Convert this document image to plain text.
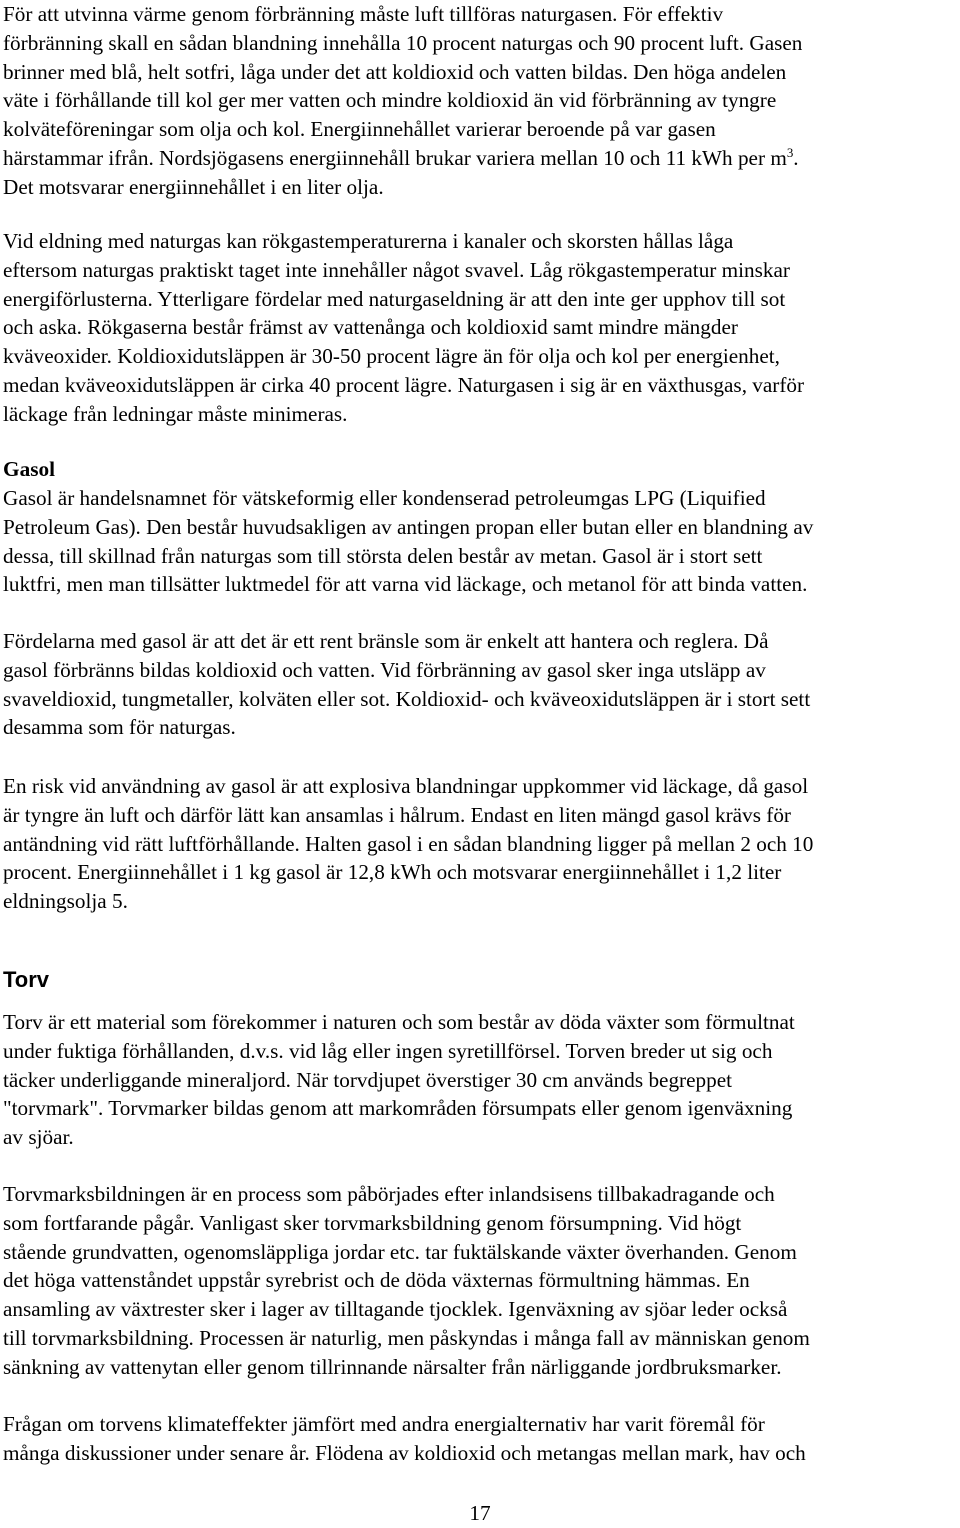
För att utvinna värme genom förbränning måste luft tillföras naturgasen. För effektiv
förbränning skall en sådan blandning innehålla 10 procent naturgas och 90 procent luft. Gasen
brinner med blå, helt sotfri, låga under det att koldioxid och vatten bildas. Den höga andelen
väte i förhållande till kol ger mer vatten och mindre koldioxid än vid förbränning av tyngre
kolväteföreningar som olja och kol. Energiinnehållet varierar beroende på var gasen
härstammar ifrån. Nordsjögasens energiinnehåll brukar variera mellan 10 och 11 kWh per $m^3$.
Det motsvarar energiinnehållet i en liter olja.
Vid eldning med naturgas kan rökgastemperaturerna i kanaler och skorsten hållas låga
eftersom naturgas praktiskt taget inte innehåller något svavel. Låg rökgastemperatur minskar
energiförlusterna. Ytterligare fördelar med naturgaseldning är att den inte ger upphov till sot
och aska. Rökgaserna består främst av vattenånga och koldioxid samt mindre mängder
kväveoxider. Koldioxidutsläppen är 30-50 procent lägre än för olja och kol per energienhet,
medan kväveoxidutsläppen är cirka 40 procent lägre. Naturgasen i sig är en växthusgas, varför
läckage från ledningar måste minimeras.
Gasol
Gasol är handelsnamnet för vätskeformig eller kondenserad petroleumgas LPG (Liquified
Petroleum Gas). Den består huvudsakligen av antingen propan eller butan eller en blandning av
dessa, till skillnad från naturgas som till största delen består av metan. Gasol är i stort sett
luktfri, men man tillsätter luktmedel för att varna vid läckage, och metanol för att binda vatten.
Fördelarna med gasol är att det är ett rent bränsle som är enkelt att hantera och reglera. Då
gasol förbränns bildas koldioxid och vatten. Vid förbränning av gasol sker inga utsläpp av
svaveldioxid, tungmetaller, kolväten eller sot. Koldioxid- och kväveoxidutsläppen är i stort sett
desamma som för naturgas.
En risk vid användning av gasol är att explosiva blandningar uppkommer vid läckage, då gasol
är tyngre än luft och därför lätt kan ansamlas i hålrum. Endast en liten mängd gasol krävs för
antändning vid rätt luftförhållande. Halten gasol i en sådan blandning ligger på mellan 2 och 10
procent. Energiinnehållet i 1 kg gasol är 12,8 kWh och motsvarar energiinnehållet i 1,2 liter
eldningsolja 5.
Torv
Torv är ett material som förekommer i naturen och som består av döda växter som förmultnat
under fuktiga förhållanden, d.v.s. vid låg eller ingen syretillförsel. Torven breder ut sig och
täcker underliggande mineraljord. När torvdjupet överstiger 30 cm används begreppet
"torvmark". Torvmarker bildas genom att markområden försumpats eller genom igenväxning
av sjöar.
Torvmarksbildningen är en process som påbörjades efter inlandsisens tillbakadragande och
som fortfarande pågår. Vanligast sker torvmarksbildning genom försumpning. Vid högt
stående grundvatten, ogenomsläppliga jordar etc. tar fuktälskande växter överhanden. Genom
det höga vattenståndet uppstår syrebrist och de döda växternas förmultning hämmas. En
ansamling av växtrester sker i lager av tilltagande tjocklek. Igenväxning av sjöar leder också
till torvmarksbildning. Processen är naturlig, men påskyndas i många fall av människan genom
sänkning av vattenytan eller genom tillrinnande närsalter från närliggande jordbruksmarker.
Frågan om torvens klimateffekter jämfört med andra energialternativ har varit föremål för
många diskussioner under senare år. Flödena av koldioxid och metangas mellan mark, hav och
17
